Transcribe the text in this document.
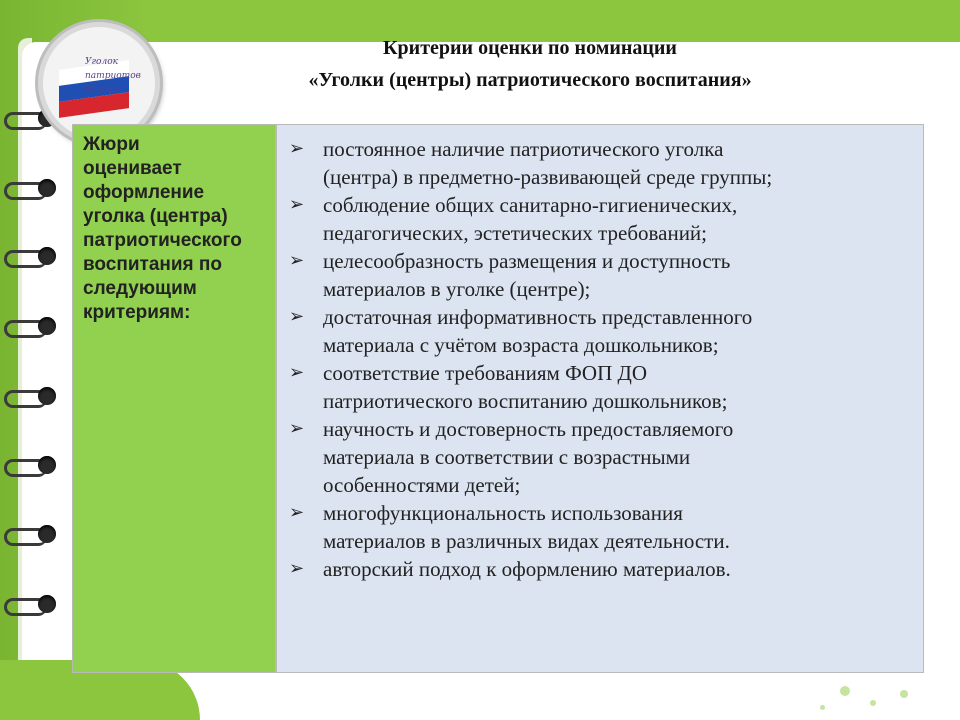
Уголок
патриотов
России
Критерии оценки по номинации
«Уголки (центры) патриотического воспитания»
Жюри
оценивает
оформление
уголка (центра)
патриотического
воспитания по
следующим
критериям:
➢ постоянное наличие патриотического уголка
(центра) в предметно-развивающей среде группы;
➢ соблюдение общих санитарно-гигиенических,
педагогических, эстетических требований;
➢ целесообразность размещения и доступность
материалов в уголке (центре);
➢ достаточная информативность представленного
материала с учётом возраста дошкольников;
➢ соответствие требованиям ФОП ДО
патриотического воспитанию дошкольников;
➢ научность и достоверность предоставляемого
материала в соответствии с возрастными
особенностями детей;
➢ многофункциональность использования
материалов в различных видах деятельности.
➢ авторский подход к оформлению материалов.
